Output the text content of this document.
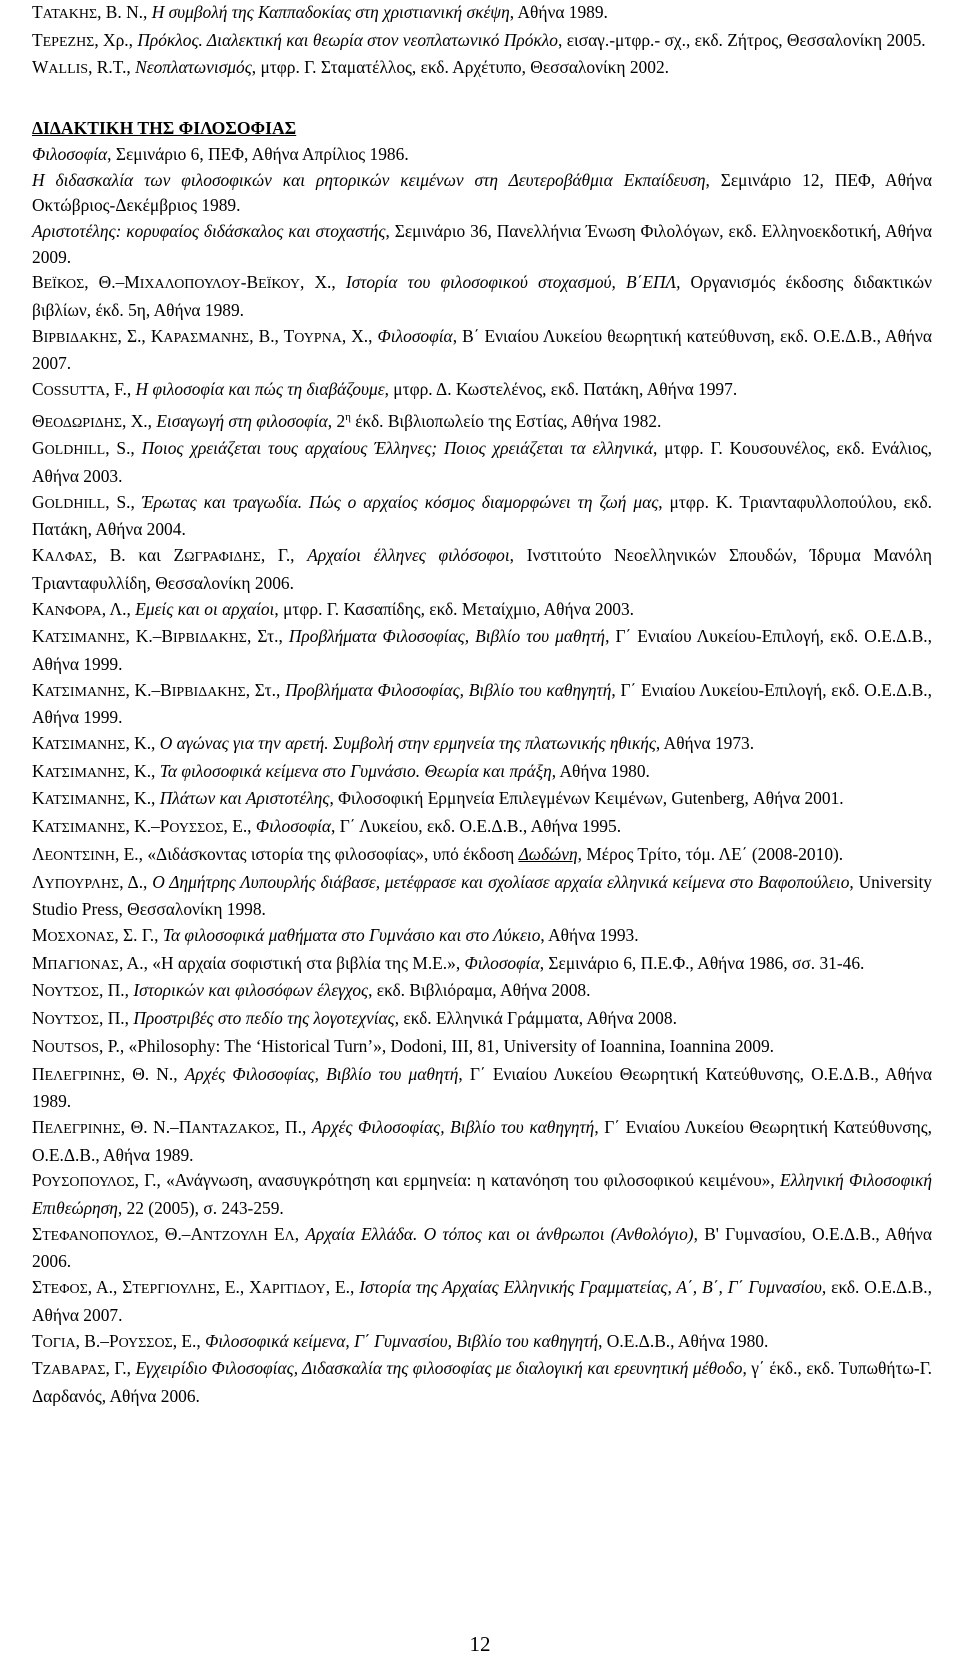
ΤΑΤΑΚΗΣ, Β. Ν., Η συμβολή της Καππαδοκίας στη χριστιανική σκέψη, Αθήνα 1989.

ΤΕΡΕΖΗΣ, Χρ., Πρόκλος. Διαλεκτική και θεωρία στον νεοπλατωνικό Πρόκλο, εισαγ.-μτφρ.- σχ., εκδ. Ζήτρος, Θεσσαλονίκη 2005.

WALLIS, R.T., Νεοπλατωνισμός, μτφρ. Γ. Σταματέλλος, εκδ. Αρχέτυπο, Θεσσαλονίκη 2002.

ΔΙΔΑΚΤΙΚΗ ΤΗΣ ΦΙΛΟΣΟΦΙΑΣ

Φιλοσοφία, Σεμινάριο 6, ΠΕΦ, Αθήνα Απρίλιος 1986.

Η διδασκαλία των φιλοσοφικών και ρητορικών κειμένων στη Δευτεροβάθμια Εκπαίδευση, Σεμινάριο 12, ΠΕΦ, Αθήνα Οκτώβριος-Δεκέμβριος 1989.

Αριστοτέλης: κορυφαίος διδάσκαλος και στοχαστής, Σεμινάριο 36, Πανελλήνια Ένωση Φιλολόγων, εκδ. Ελληνοεκδοτική, Αθήνα 2009.

ΒΕΪΚΟΣ, Θ.–ΜΙΧΑΛΟΠΟΥΛΟΥ-ΒΕΪΚΟΥ, Χ., Ιστορία του φιλοσοφικού στοχασμού, Β΄ΕΠΛ, Οργανισμός έκδοσης διδακτικών βιβλίων, έκδ. 5η, Αθήνα 1989.

ΒΙΡΒΙΔΑΚΗΣ, Σ., ΚΑΡΑΣΜΑΝΗΣ, Β., ΤΟΥΡΝΑ, Χ., Φιλοσοφία, Β΄ Ενιαίου Λυκείου θεωρητική κατεύθυνση, εκδ. Ο.Ε.Δ.Β., Αθήνα 2007.

COSSUTTA, F., Η φιλοσοφία και πώς τη διαβάζουμε, μτφρ. Δ. Κωστελένος, εκδ. Πατάκη, Αθήνα 1997.

ΘΕΟΔΩΡΙΔΗΣ, Χ., Εισαγωγή στη φιλοσοφία, $2^\eta$ έκδ. Βιβλιοπωλείο της Εστίας, Αθήνα 1982.

GOLDHILL, S., Ποιος χρειάζεται τους αρχαίους Έλληνες; Ποιος χρειάζεται τα ελληνικά, μτφρ. Γ. Κουσουνέλος, εκδ. Ενάλιος, Αθήνα 2003.

GOLDHILL, S., Έρωτας και τραγωδία. Πώς ο αρχαίος κόσμος διαμορφώνει τη ζωή μας, μτφρ. Κ. Τριανταφυλλοπούλου, εκδ. Πατάκη, Αθήνα 2004.

ΚΑΛΦΑΣ, Β. και ΖΩΓΡΑΦΙΔΗΣ, Γ., Αρχαίοι έλληνες φιλόσοφοι, Ινστιτούτο Νεοελληνικών Σπουδών, Ίδρυμα Μανόλη Τριανταφυλλίδη, Θεσσαλονίκη 2006.

ΚΑΝΦΟΡΑ, Λ., Εμείς και οι αρχαίοι, μτφρ. Γ. Κασαπίδης, εκδ. Μεταίχμιο, Αθήνα 2003.

ΚΑΤΣΙΜΑΝΗΣ, Κ.–ΒΙΡΒΙΔΑΚΗΣ, Στ., Προβλήματα Φιλοσοφίας, Βιβλίο του μαθητή, Γ΄ Ενιαίου Λυκείου-Επιλογή, εκδ. Ο.Ε.Δ.Β., Αθήνα 1999.

ΚΑΤΣΙΜΑΝΗΣ, Κ.–ΒΙΡΒΙΔΑΚΗΣ, Στ., Προβλήματα Φιλοσοφίας, Βιβλίο του καθηγητή, Γ΄ Ενιαίου Λυκείου-Επιλογή, εκδ. Ο.Ε.Δ.Β., Αθήνα 1999.

ΚΑΤΣΙΜΑΝΗΣ, Κ., Ο αγώνας για την αρετή. Συμβολή στην ερμηνεία της πλατωνικής ηθικής, Αθήνα 1973.

ΚΑΤΣΙΜΑΝΗΣ, Κ., Τα φιλοσοφικά κείμενα στο Γυμνάσιο. Θεωρία και πράξη, Αθήνα 1980.

ΚΑΤΣΙΜΑΝΗΣ, Κ., Πλάτων και Αριστοτέλης, Φιλοσοφική Ερμηνεία Επιλεγμένων Κειμένων, Gutenberg, Αθήνα 2001.

ΚΑΤΣΙΜΑΝΗΣ, Κ.–ΡΟΥΣΣΟΣ, Ε., Φιλοσοφία, Γ΄ Λυκείου, εκδ. Ο.Ε.Δ.Β., Αθήνα 1995.

ΛΕΟΝΤΣΙΝΗ, Ε., «Διδάσκοντας ιστορία της φιλοσοφίας», υπό έκδοση Δωδώνη, Μέρος Τρίτο, τόμ. ΛΕ΄ (2008-2010).

ΛΥΠΟΥΡΛΗΣ, Δ., Ο Δημήτρης Λυπουρλής διάβασε, μετέφρασε και σχολίασε αρχαία ελληνικά κείμενα στο Βαφοπούλειο, University Studio Press, Θεσσαλονίκη 1998.

ΜΟΣΧΟΝΑΣ, Σ. Γ., Τα φιλοσοφικά μαθήματα στο Γυμνάσιο και στο Λύκειο, Αθήνα 1993.

ΜΠΑΓΙΟΝΑΣ, Α., «Η αρχαία σοφιστική στα βιβλία της Μ.Ε.», Φιλοσοφία, Σεμινάριο 6, Π.Ε.Φ., Αθήνα 1986, σσ. 31-46.

ΝΟΥΤΣΟΣ, Π., Ιστορικών και φιλοσόφων έλεγχος, εκδ. Βιβλιόραμα, Αθήνα 2008.

ΝΟΥΤΣΟΣ, Π., Προστριβές στο πεδίο της λογοτεχνίας, εκδ. Ελληνικά Γράμματα, Αθήνα 2008.

NOUTSOS, P., «Philosophy: The ‘Historical Turn’», Dodoni, III, 81, University of Ioannina, Ioannina 2009.

ΠΕΛΕΓΡΙΝΗΣ, Θ. Ν., Αρχές Φιλοσοφίας, Βιβλίο του μαθητή, Γ΄ Ενιαίου Λυκείου Θεωρητική Κατεύθυνσης, Ο.Ε.Δ.Β., Αθήνα 1989.

ΠΕΛΕΓΡΙΝΗΣ, Θ. Ν.–ΠΑΝΤΑΖΑΚΟΣ, Π., Αρχές Φιλοσοφίας, Βιβλίο του καθηγητή, Γ΄ Ενιαίου Λυκείου Θεωρητική Κατεύθυνσης, Ο.Ε.Δ.Β., Αθήνα 1989.

ΡΟΥΣΟΠΟΥΛΟΣ, Γ., «Ανάγνωση, ανασυγκρότηση και ερμηνεία: η κατανόηση του φιλοσοφικού κειμένου», Ελληνική Φιλοσοφική Επιθεώρηση, 22 (2005), σ. 243-259.

ΣΤΕΦΑΝΟΠΟΥΛΟΣ, Θ.–ΑΝΤΖΟΥΛΗ ΕΛ, Αρχαία Ελλάδα. Ο τόπος και οι άνθρωποι (Ανθολόγιο), B' Γυμνασίου, Ο.Ε.Δ.Β., Αθήνα 2006.

ΣΤΕΦΟΣ, Α., ΣΤΕΡΓΙΟΥΛΗΣ, Ε., ΧΑΡΙΤΙΔΟΥ, Ε., Ιστορία της Αρχαίας Ελληνικής Γραμματείας, Α΄, Β΄, Γ΄ Γυμνασίου, εκδ. Ο.Ε.Δ.Β., Αθήνα 2007.

ΤΟΓΙΑ, Β.–ΡΟΥΣΣΟΣ, Ε., Φιλοσοφικά κείμενα, Γ΄ Γυμνασίου, Βιβλίο του καθηγητή, Ο.Ε.Δ.Β., Αθήνα 1980.

ΤΖΑΒΑΡΑΣ, Γ., Εγχειρίδιο Φιλοσοφίας, Διδασκαλία της φιλοσοφίας με διαλογική και ερευνητική μέθοδο, γ΄ έκδ., εκδ. Τυπωθήτω-Γ. Δαρδανός, Αθήνα 2006.

12
